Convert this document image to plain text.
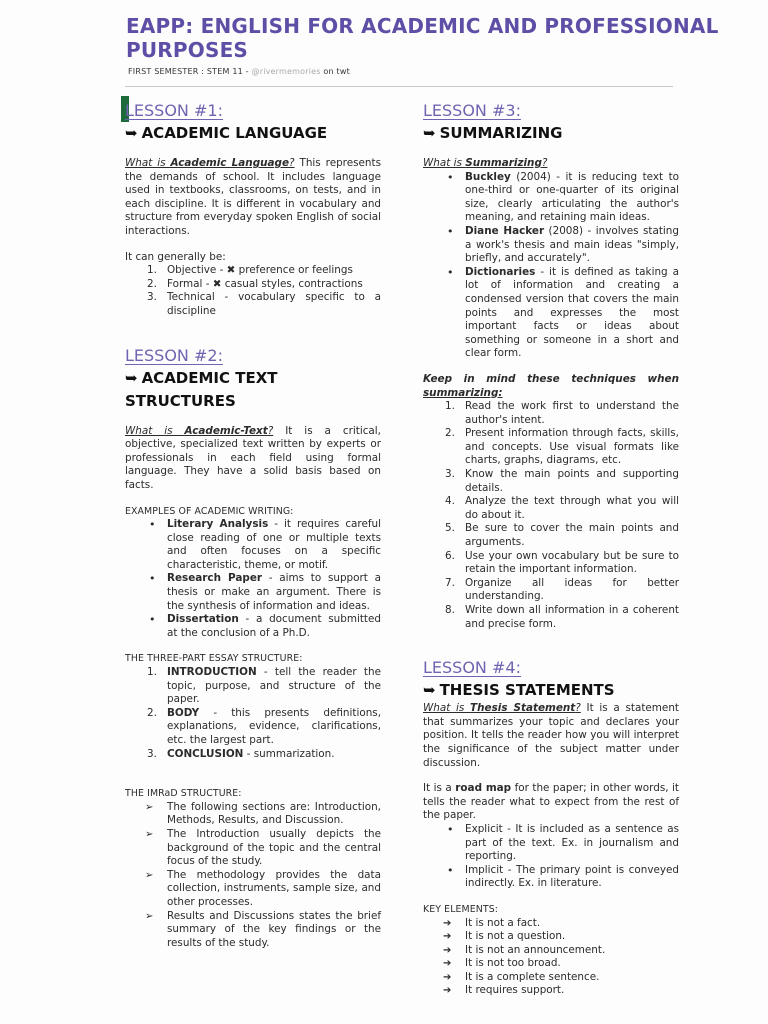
EAPP: ENGLISH FOR ACADEMIC AND PROFESSIONAL PURPOSES
FIRST SEMESTER : STEM 11 - @rivermemories on twt
LESSON #1:
➥ ACADEMIC LANGUAGE

What is Academic Language? This represents the demands of school. It includes language used in textbooks, classrooms, on tests, and in each discipline. It is different in vocabulary and structure from everyday spoken English of social interactions.

It can generally be:

1. Objective - ✖ preference or feelings
2. Formal - ✖ casual styles, contractions
3. Technical - vocabulary specific to a discipline
LESSON #2:
➥ ACADEMIC TEXT STRUCTURES

What is Academic-Text? It is a critical, objective, specialized text written by experts or professionals in each field using formal language. They have a solid basis based on facts.

EXAMPLES OF ACADEMIC WRITING:

• Literary Analysis - it requires careful close reading of one or multiple texts and often focuses on a specific characteristic, theme, or motif.
• Research Paper - aims to support a thesis or make an argument. There is the synthesis of information and ideas.
• Dissertation - a document submitted at the conclusion of a Ph.D.

THE THREE-PART ESSAY STRUCTURE:

1. INTRODUCTION - tell the reader the topic, purpose, and structure of the paper.
2. BODY - this presents definitions, explanations, evidence, clarifications, etc. the largest part.
3. CONCLUSION - summarization.

THE IMRaD STRUCTURE:

➢ The following sections are: Introduction, Methods, Results, and Discussion.
➢ The Introduction usually depicts the background of the topic and the central focus of the study.
➢ The methodology provides the data collection, instruments, sample size, and other processes.
➢ Results and Discussions states the brief summary of the key findings or the results of the study.
LESSON #3:
➥ SUMMARIZING

What is Summarizing?

• Buckley (2004) - it is reducing text to one-third or one-quarter of its original size, clearly articulating the author's meaning, and retaining main ideas.
• Diane Hacker (2008) - involves stating a work's thesis and main ideas "simply, briefly, and accurately".
• Dictionaries - it is defined as taking a lot of information and creating a condensed version that covers the main points and expresses the most important facts or ideas about something or someone in a short and clear form.

Keep in mind these techniques when summarizing:

1. Read the work first to understand the author's intent.
2. Present information through facts, skills, and concepts. Use visual formats like charts, graphs, diagrams, etc.
3. Know the main points and supporting details.
4. Analyze the text through what you will do about it.
5. Be sure to cover the main points and arguments.
6. Use your own vocabulary but be sure to retain the important information.
7. Organize all ideas for better understanding.
8. Write down all information in a coherent and precise form.
LESSON #4:
➥ THESIS STATEMENTS

What is Thesis Statement? It is a statement that summarizes your topic and declares your position. It tells the reader how you will interpret the significance of the subject matter under discussion.

It is a road map for the paper; in other words, it tells the reader what to expect from the rest of the paper.

• Explicit - It is included as a sentence as part of the text. Ex. in journalism and reporting.
• Implicit - The primary point is conveyed indirectly. Ex. in literature.

KEY ELEMENTS:

➔ It is not a fact.
➔ It is not a question.
➔ It is not an announcement.
➔ It is not too broad.
➔ It is a complete sentence.
➔ It requires support.
